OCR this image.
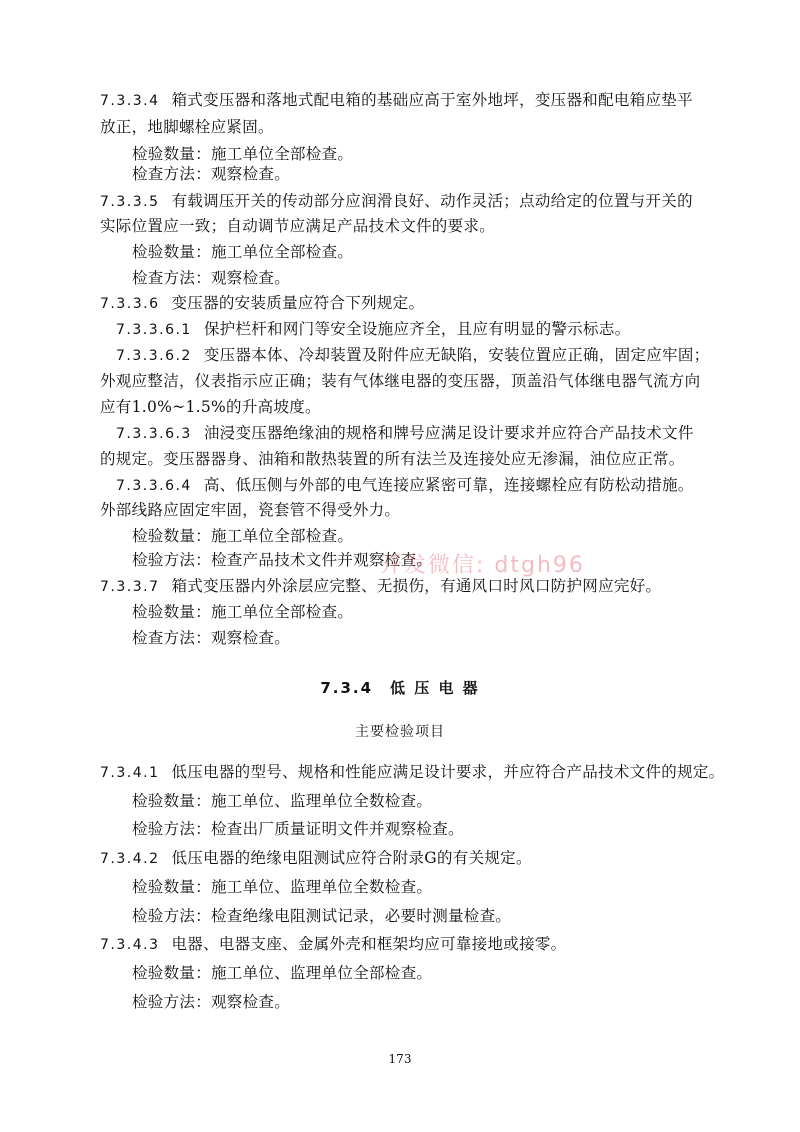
7.3.3.4 箱式变压器和落地式配电箱的基础应高于室外地坪，变压器和配电箱应垫平
放正，地脚螺栓应紧固。
检验数量：施工单位全部检查。
检查方法：观察检查。
7.3.3.5 有载调压开关的传动部分应润滑良好、动作灵活；点动给定的位置与开关的
实际位置应一致；自动调节应满足产品技术文件的要求。
检验数量：施工单位全部检查。
检查方法：观察检查。
7.3.3.6 变压器的安装质量应符合下列规定。
7.3.3.6.1 保护栏杆和网门等安全设施应齐全，且应有明显的警示标志。
7.3.3.6.2 变压器本体、冷却装置及附件应无缺陷，安装位置应正确，固定应牢固；
外观应整洁，仪表指示应正确；装有气体继电器的变压器，顶盖沿气体继电器气流方向
应有1.0%~1.5%的升高坡度。
7.3.3.6.3 油浸变压器绝缘油的规格和牌号应满足设计要求并应符合产品技术文件
的规定。变压器器身、油箱和散热装置的所有法兰及连接处应无渗漏，油位应正常。
7.3.3.6.4 高、低压侧与外部的电气连接应紧密可靠，连接螺栓应有防松动措施。
外部线路应固定牢固，瓷套管不得受外力。
检验数量：施工单位全部检查。
检验方法：检查产品技术文件并观察检查。
7.3.3.7 箱式变压器内外涂层应完整、无损伤，有通风口时风口防护网应完好。
检验数量：施工单位全部检查。
检查方法：观察检查。
开发微信: dtgh96
7.3.4　低 压 电 器
主要检验项目
7.3.4.1 低压电器的型号、规格和性能应满足设计要求，并应符合产品技术文件的规定。
检验数量：施工单位、监理单位全数检查。
检验方法：检查出厂质量证明文件并观察检查。
7.3.4.2 低压电器的绝缘电阻测试应符合附录G的有关规定。
检验数量：施工单位、监理单位全数检查。
检验方法：检查绝缘电阻测试记录，必要时测量检查。
7.3.4.3 电器、电器支座、金属外壳和框架均应可靠接地或接零。
检验数量：施工单位、监理单位全部检查。
检验方法：观察检查。
173
